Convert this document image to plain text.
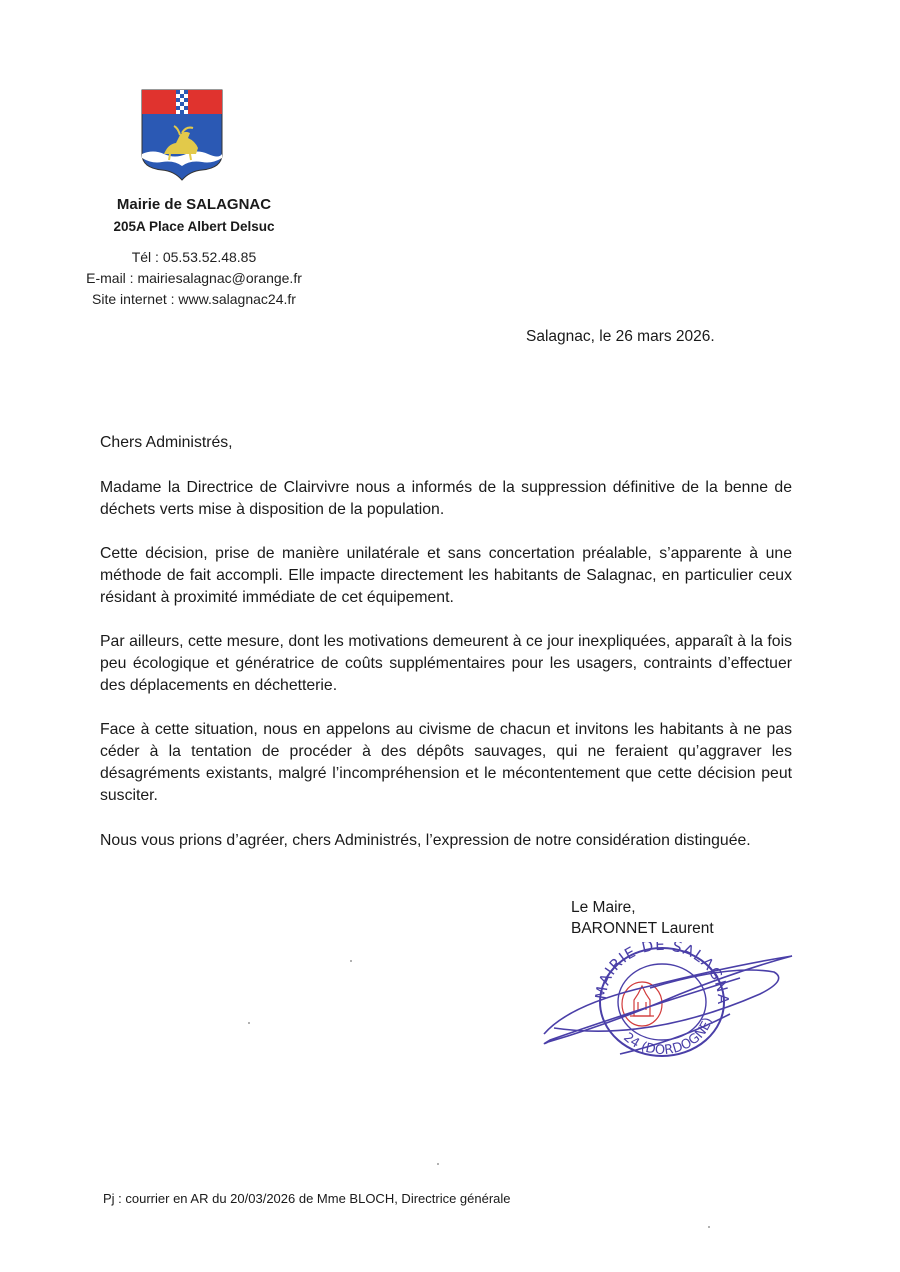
Mairie de SALAGNAC
205A Place Albert Delsuc
Tél : 05.53.52.48.85
E-mail : mairiesalagnac@orange.fr
Site internet : www.salagnac24.fr
Salagnac, le 26 mars 2026.
Chers Administrés,
Madame la Directrice de Clairvivre nous a informés de la suppression définitive de la benne de déchets verts mise à disposition de la population.
Cette décision, prise de manière unilatérale et sans concertation préalable, s’apparente à une méthode de fait accompli. Elle impacte directement les habitants de Salagnac, en particulier ceux résidant à proximité immédiate de cet équipement.
Par ailleurs, cette mesure, dont les motivations demeurent à ce jour inexpliquées, apparaît à la fois peu écologique et génératrice de coûts supplémentaires pour les usagers, contraints d’effectuer des déplacements en déchetterie.
Face à cette situation, nous en appelons au civisme de chacun et invitons les habitants à ne pas céder à la tentation de procéder à des dépôts sauvages, qui ne feraient qu’aggraver les désagréments existants, malgré l’incompréhension et le mécontentement que cette décision peut susciter.
Nous vous prions d’agréer, chers Administrés, l’expression de notre considération distinguée.
Le Maire,
BARONNET Laurent
MAIRIE DE SALAGNA
24 (DORDOGNE)
Pj : courrier en AR du 20/03/2026 de Mme BLOCH, Directrice générale
